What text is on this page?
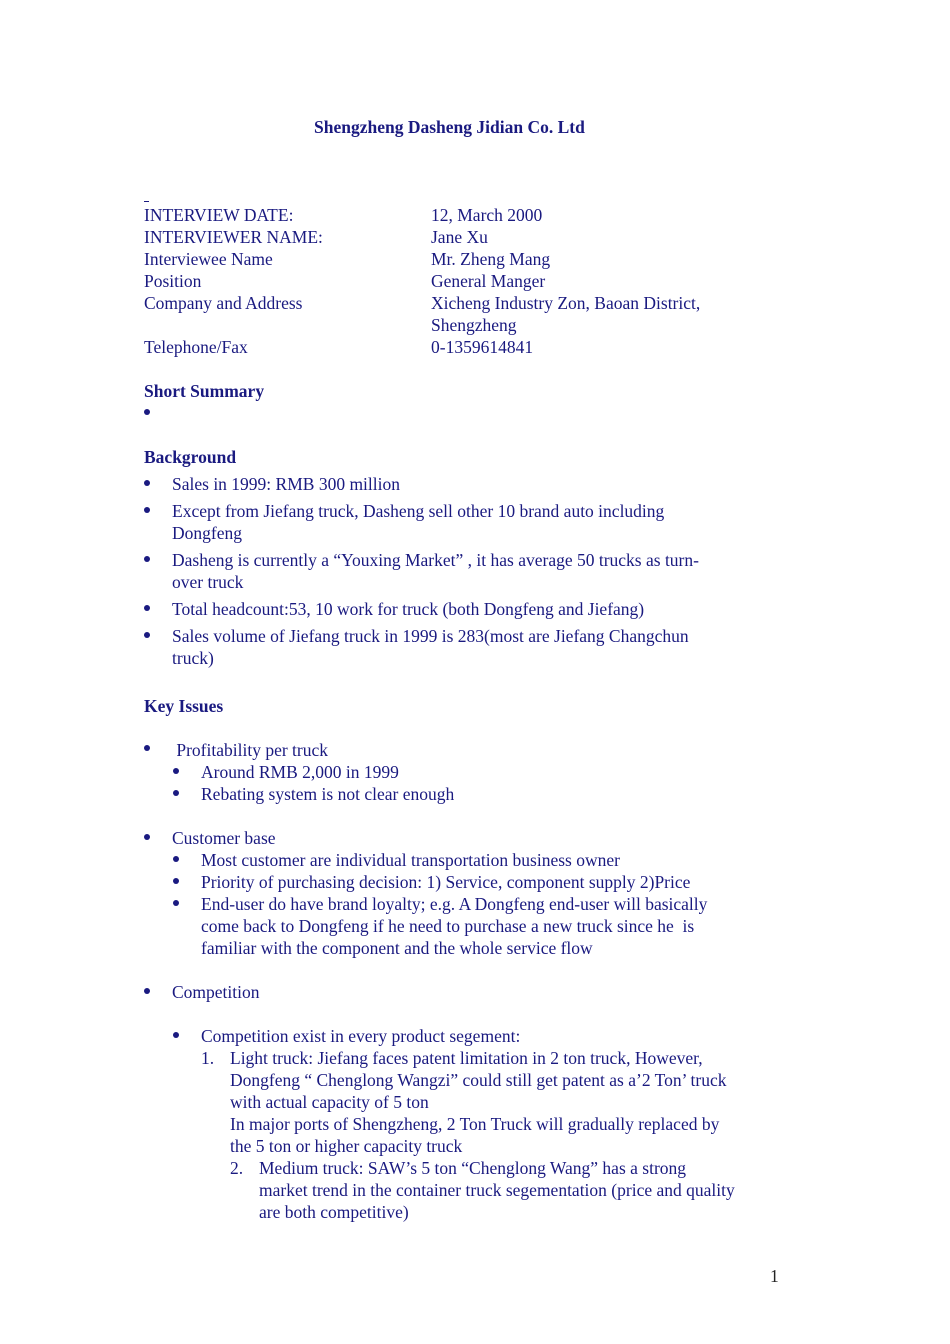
Shengzheng Dasheng Jidian Co. Ltd
INTERVIEW DATE:	12, March 2000
INTERVIEWER NAME:	Jane Xu
Interviewee Name	Mr. Zheng Mang
Position	General Manger
Company and Address	Xicheng Industry Zon, Baoan District,
Shengzheng
Telephone/Fax	0-1359614841
Short Summary
Background
Sales in 1999: RMB 300 million
Except from Jiefang truck, Dasheng sell other 10 brand auto including
Dongfeng
Dasheng is currently a “Youxing Market” , it has average 50 trucks as turn-
over truck
Total headcount:53, 10 work for truck (both Dongfeng and Jiefang)
Sales volume of Jiefang truck in 1999 is 283(most are Jiefang Changchun
truck)
Key Issues
Profitability per truck
Around RMB 2,000 in 1999
Rebating system is not clear enough
Customer base
Most customer are individual transportation business owner
Priority of purchasing decision: 1) Service, component supply 2)Price
End-user do have brand loyalty; e.g. A Dongfeng end-user will basically
come back to Dongfeng if he need to purchase a new truck since he  is
familiar with the component and the whole service flow
Competition
Competition exist in every product segement:
1. Light truck: Jiefang faces patent limitation in 2 ton truck, However,
Dongfeng “ Chenglong Wangzi” could still get patent as a’2 Ton’ truck
with actual capacity of 5 ton
In major ports of Shengzheng, 2 Ton Truck will gradually replaced by
the 5 ton or higher capacity truck
2. Medium truck: SAW’s 5 ton “Chenglong Wang” has a strong
market trend in the container truck segementation (price and quality
are both competitive)
1
